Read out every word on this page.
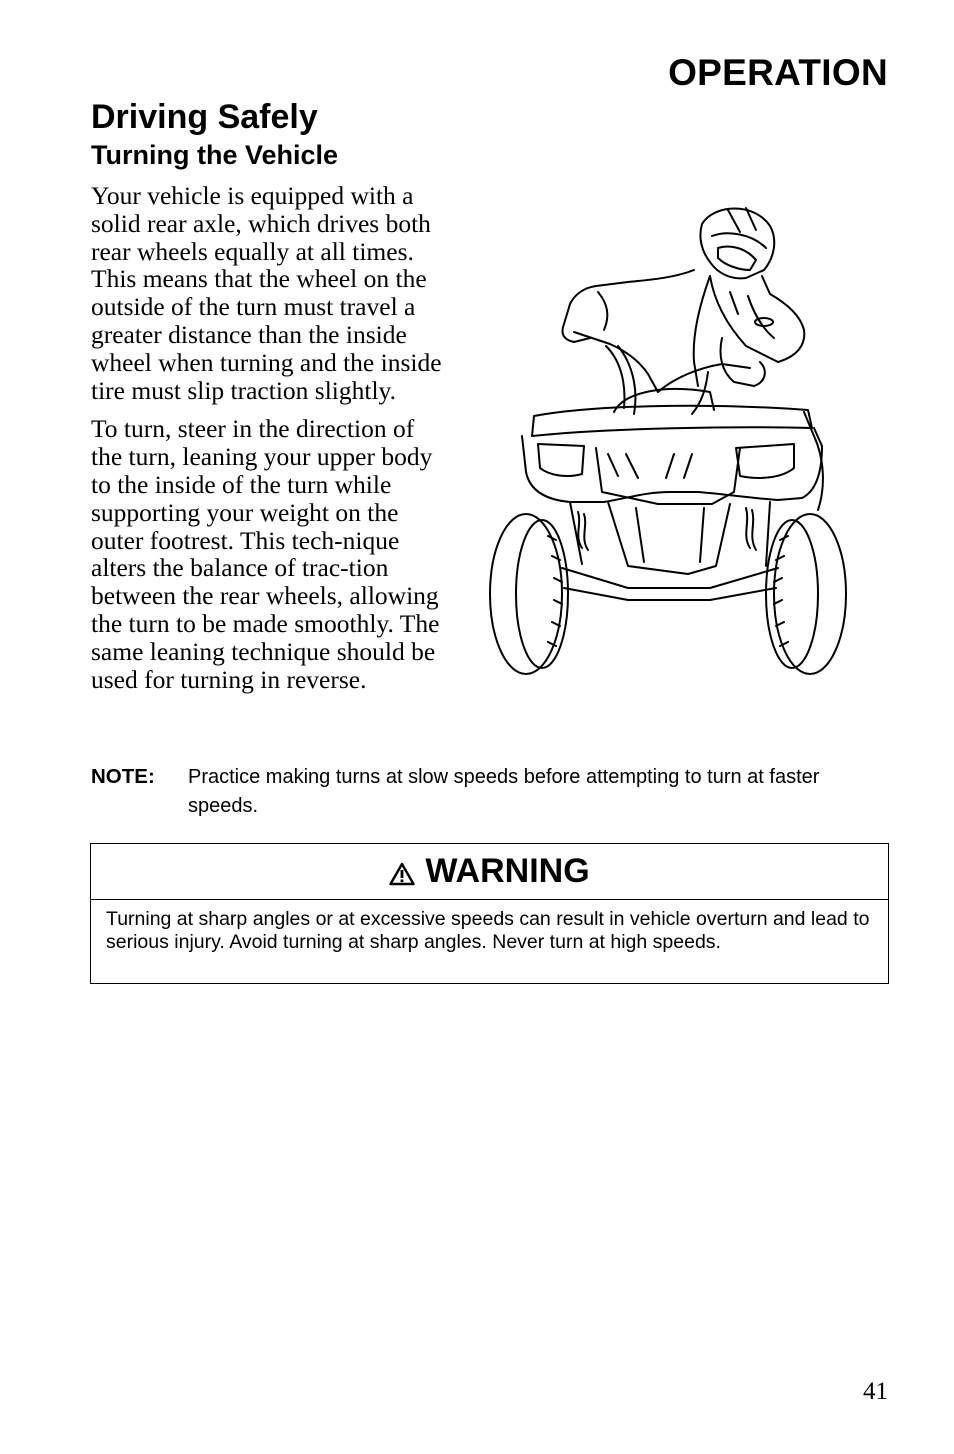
OPERATION
Driving Safely
Turning the Vehicle

Your vehicle is equipped with a solid rear axle, which drives both rear wheels equally at all times. This means that the wheel on the outside of the turn must travel a greater distance than the inside wheel when turning and the inside tire must slip traction slightly.

To turn, steer in the direction of the turn, leaning your upper body to the inside of the turn while supporting your weight on the outer footrest. This tech-nique alters the balance of trac-tion between the rear wheels, allowing the turn to be made smoothly. The same leaning technique should be used for turning in reverse.

NOTE: Practice making turns at slow speeds before attempting to turn at faster speeds.
WARNING
Turning at sharp angles or at excessive speeds can result in vehicle overturn and lead to serious injury. Avoid turning at sharp angles. Never turn at high speeds.
41
